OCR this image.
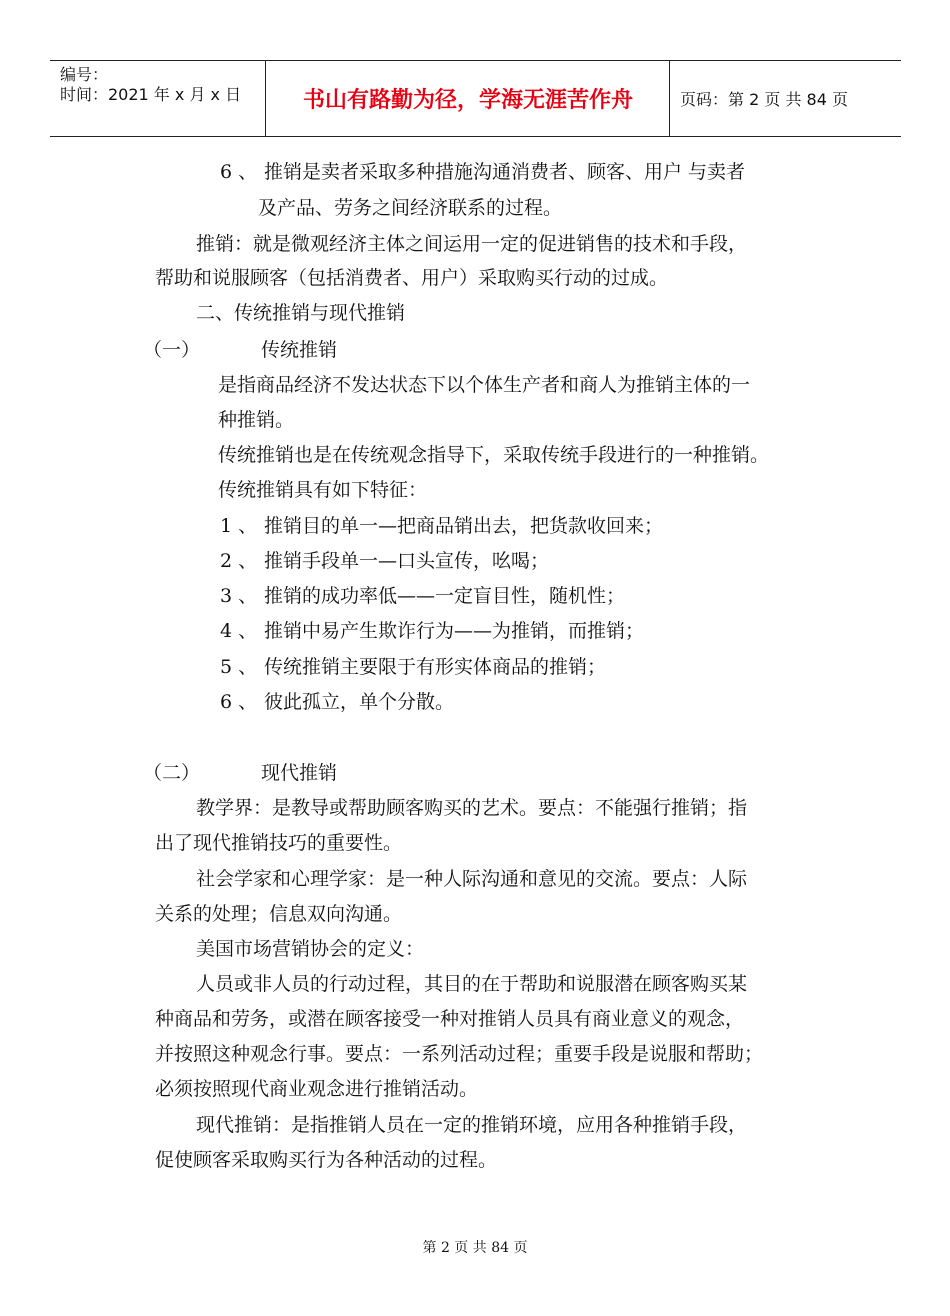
编号：
时间：2021 年 x 月 x 日	书山有路勤为径，学海无涯苦作舟	页码：第 2 页 共 84 页
6 、 推销是卖者采取多种措施沟通消费者、顾客、用户 与卖者
及产品、劳务之间经济联系的过程。
推销：就是微观经济主体之间运用一定的促进销售的技术和手段，
帮助和说服顾客（包括消费者、用户）采取购买行动的过成。
二、传统推销与现代推销
（一）	传统推销
是指商品经济不发达状态下以个体生产者和商人为推销主体的一
种推销。
传统推销也是在传统观念指导下，采取传统手段进行的一种推销。
传统推销具有如下特征：
1 、 推销目的单一—把商品销出去，把货款收回来；
2 、 推销手段单一—口头宣传，吆喝；
3 、 推销的成功率低——一定盲目性，随机性；
4 、 推销中易产生欺诈行为——为推销，而推销；
5 、 传统推销主要限于有形实体商品的推销；
6 、 彼此孤立，单个分散。
（二）	现代推销
教学界：是教导或帮助顾客购买的艺术。要点：不能强行推销；指
出了现代推销技巧的重要性。
社会学家和心理学家：是一种人际沟通和意见的交流。要点：人际
关系的处理；信息双向沟通。
美国市场营销协会的定义：
人员或非人员的行动过程，其目的在于帮助和说服潜在顾客购买某
种商品和劳务，或潜在顾客接受一种对推销人员具有商业意义的观念，
并按照这种观念行事。要点：一系列活动过程；重要手段是说服和帮助；
必须按照现代商业观念进行推销活动。
现代推销：是指推销人员在一定的推销环境，应用各种推销手段，
促使顾客采取购买行为各种活动的过程。
第 2 页 共 84 页
